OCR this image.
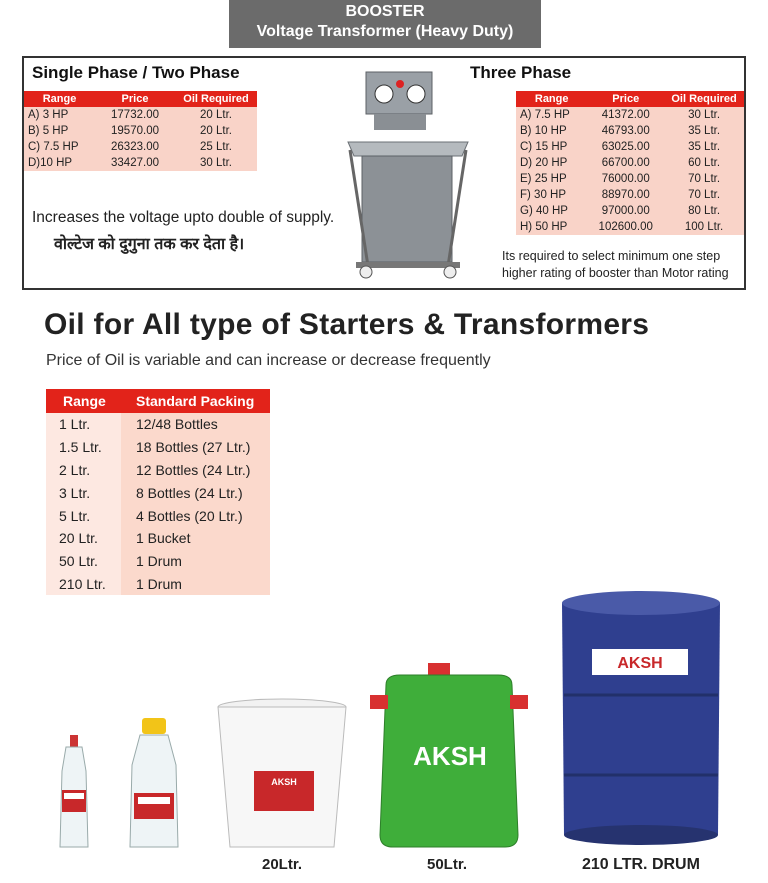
BOOSTER
Voltage Transformer (Heavy Duty)
Single Phase / Two Phase
Range	Price	Oil Required
A) 3 HP	17732.00	20 Ltr.
B) 5 HP	19570.00	20 Ltr.
C) 7.5 HP	26323.00	25 Ltr.
D)10 HP	33427.00	30 Ltr.
Increases the voltage upto double of supply.
वोल्टेज को दुगुना तक कर देता है।
Three Phase
Range	Price	Oil Required
A) 7.5 HP	41372.00	30 Ltr.
B) 10 HP	46793.00	35 Ltr.
C) 15 HP	63025.00	35 Ltr.
D) 20 HP	66700.00	60 Ltr.
E) 25 HP	76000.00	70 Ltr.
F) 30 HP	88970.00	70 Ltr.
G) 40 HP	97000.00	80 Ltr.
H) 50 HP	102600.00	100 Ltr.
Its required to select minimum one step higher rating of booster than Motor rating
Oil for All type of Starters & Transformers
Price of Oil is variable and can increase or decrease frequently
Range	Standard Packing
1 Ltr.	12/48 Bottles
1.5 Ltr.	18 Bottles (27 Ltr.)
2 Ltr.	12 Bottles (24 Ltr.)
3 Ltr.	8 Bottles (24 Ltr.)
5 Ltr.	4 Bottles (20 Ltr.)
20 Ltr.	1 Bucket
50 Ltr.	1 Drum
210 Ltr.	1 Drum
AKSH
AKSH
AKSH
20Ltr.	50Ltr.	210 LTR. DRUM
